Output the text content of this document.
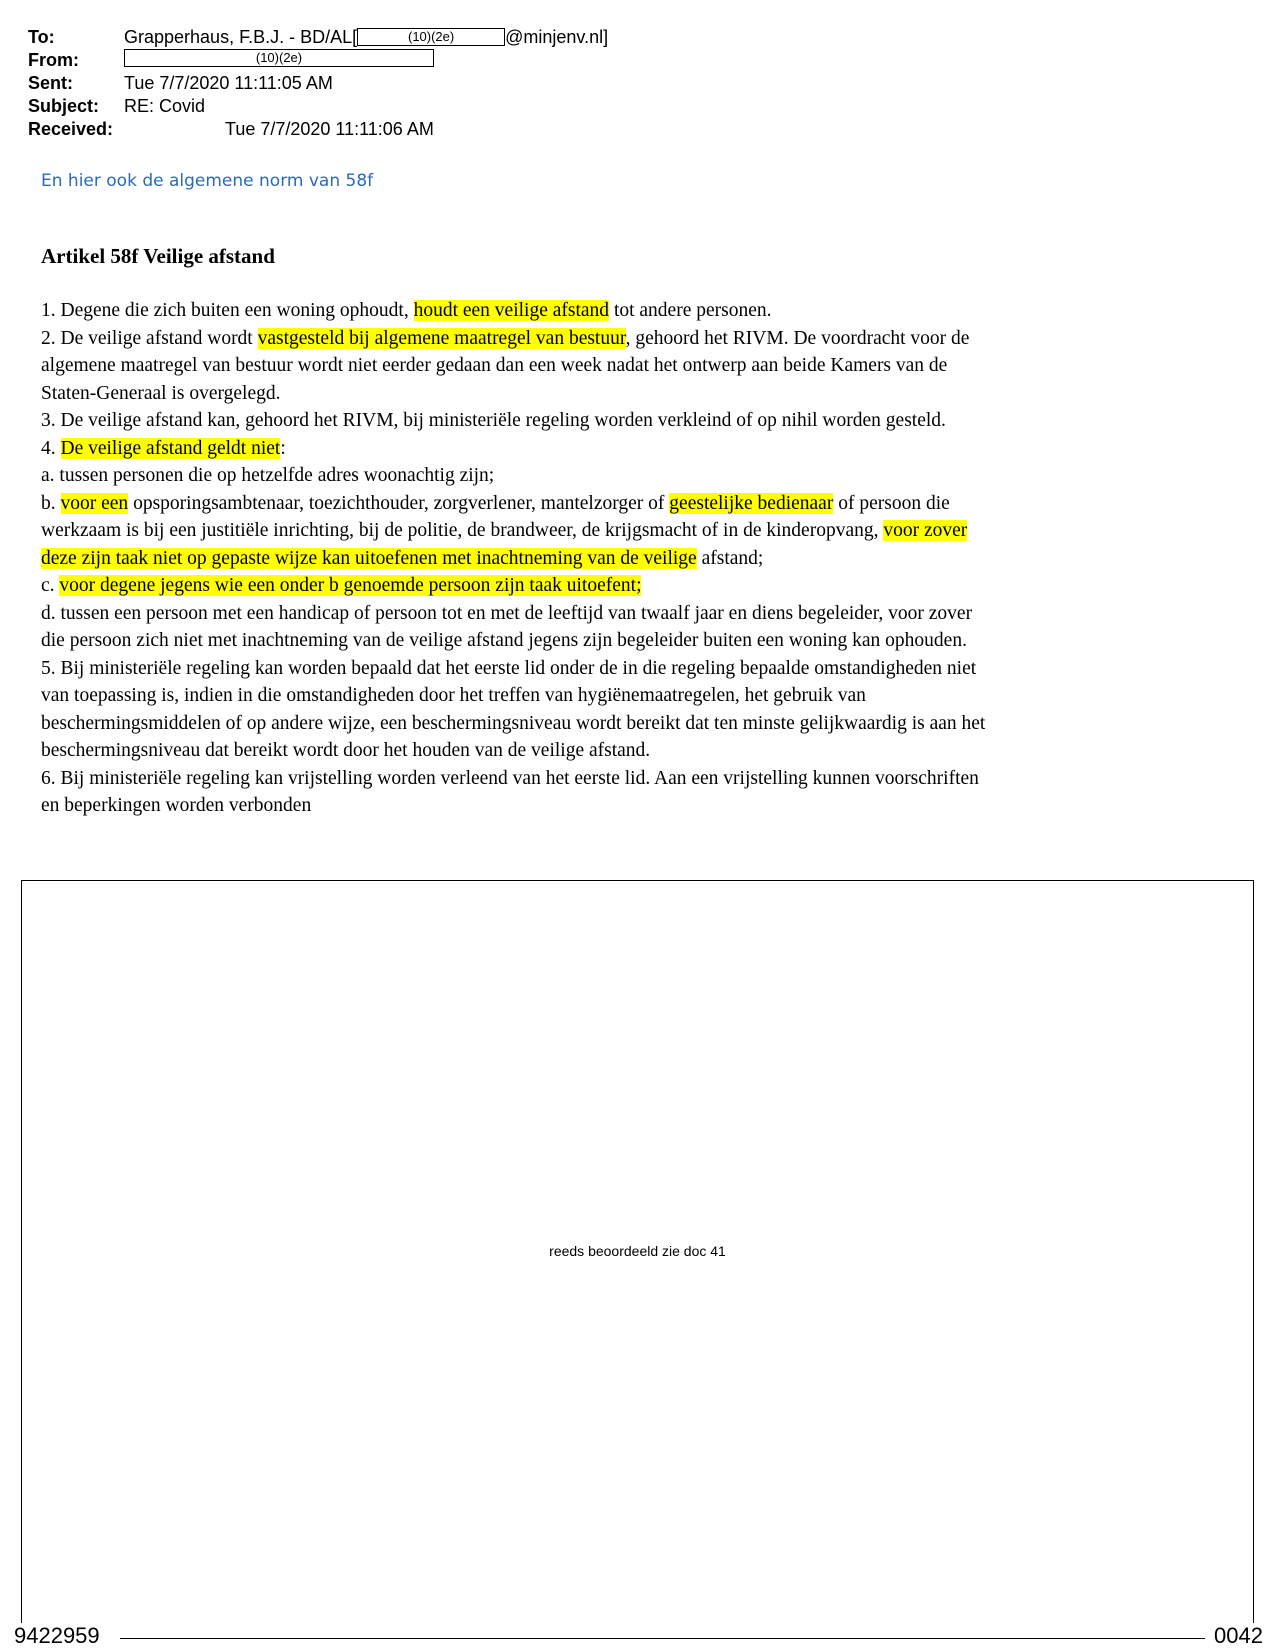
To:	Grapperhaus, F.B.J. - BD/AL[	(10)(2e)	@minjenv.nl]
From:	(10)(2e)
Sent:	Tue 7/7/2020 11:11:05 AM
Subject: RE: Covid
Received:	Tue 7/7/2020 11:11:06 AM
En hier ook de algemene norm van 58f
Artikel 58f Veilige afstand
1. Degene die zich buiten een woning ophoudt, houdt een veilige afstand tot andere personen.
2. De veilige afstand wordt vastgesteld bij algemene maatregel van bestuur, gehoord het RIVM. De voordracht voor de
algemene maatregel van bestuur wordt niet eerder gedaan dan een week nadat het ontwerp aan beide Kamers van de
Staten-Generaal is overgelegd.
3. De veilige afstand kan, gehoord het RIVM, bij ministeriële regeling worden verkleind of op nihil worden gesteld.
4. De veilige afstand geldt niet:
a. tussen personen die op hetzelfde adres woonachtig zijn;
b. voor een opsporingsambtenaar, toezichthouder, zorgverlener, mantelzorger of geestelijke bedienaar of persoon die
werkzaam is bij een justitiële inrichting, bij de politie, de brandweer, de krijgsmacht of in de kinderopvang, voor zover
deze zijn taak niet op gepaste wijze kan uitoefenen met inachtneming van de veilige afstand;
c. voor degene jegens wie een onder b genoemde persoon zijn taak uitoefent;
d. tussen een persoon met een handicap of persoon tot en met de leeftijd van twaalf jaar en diens begeleider, voor zover
die persoon zich niet met inachtneming van de veilige afstand jegens zijn begeleider buiten een woning kan ophouden.
5. Bij ministeriële regeling kan worden bepaald dat het eerste lid onder de in die regeling bepaalde omstandigheden niet
van toepassing is, indien in die omstandigheden door het treffen van hygiënemaatregelen, het gebruik van
beschermingsmiddelen of op andere wijze, een beschermingsniveau wordt bereikt dat ten minste gelijkwaardig is aan het
beschermingsniveau dat bereikt wordt door het houden van de veilige afstand.
6. Bij ministeriële regeling kan vrijstelling worden verleend van het eerste lid. Aan een vrijstelling kunnen voorschriften
en beperkingen worden verbonden
reeds beoordeeld zie doc 41
9422959	0042
